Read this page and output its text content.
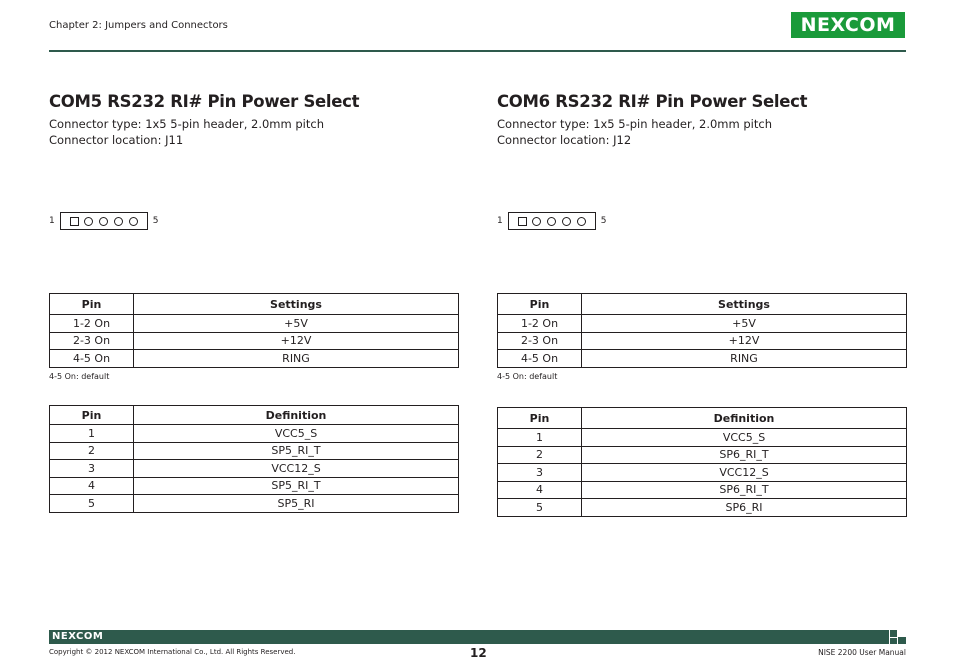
Chapter 2: Jumpers and Connectors	NEXCOM
COM5 RS232 RI# Pin Power Select

Connector type: 1x5 5-pin header, 2.0mm pitch

Connector location: J11

1	5
Pin	Settings
1-2 On	+5V
2-3 On	+12V
4-5 On	RING
4-5 On: default
Pin	Definition
1	VCC5_S
2	SP5_RI_T
3	VCC12_S
4	SP5_RI_T
5	SP5_RI
COM6 RS232 RI# Pin Power Select

Connector type: 1x5 5-pin header, 2.0mm pitch

Connector location: J12

1	5
Pin	Settings
1-2 On	+5V
2-3 On	+12V
4-5 On	RING
4-5 On: default
Pin	Definition
1	VCC5_S
2	SP6_RI_T
3	VCC12_S
4	SP6_RI_T
5	SP6_RI
NEXCOM
Copyright © 2012 NEXCOM International Co., Ltd. All Rights Reserved.	12	NISE 2200 User Manual
